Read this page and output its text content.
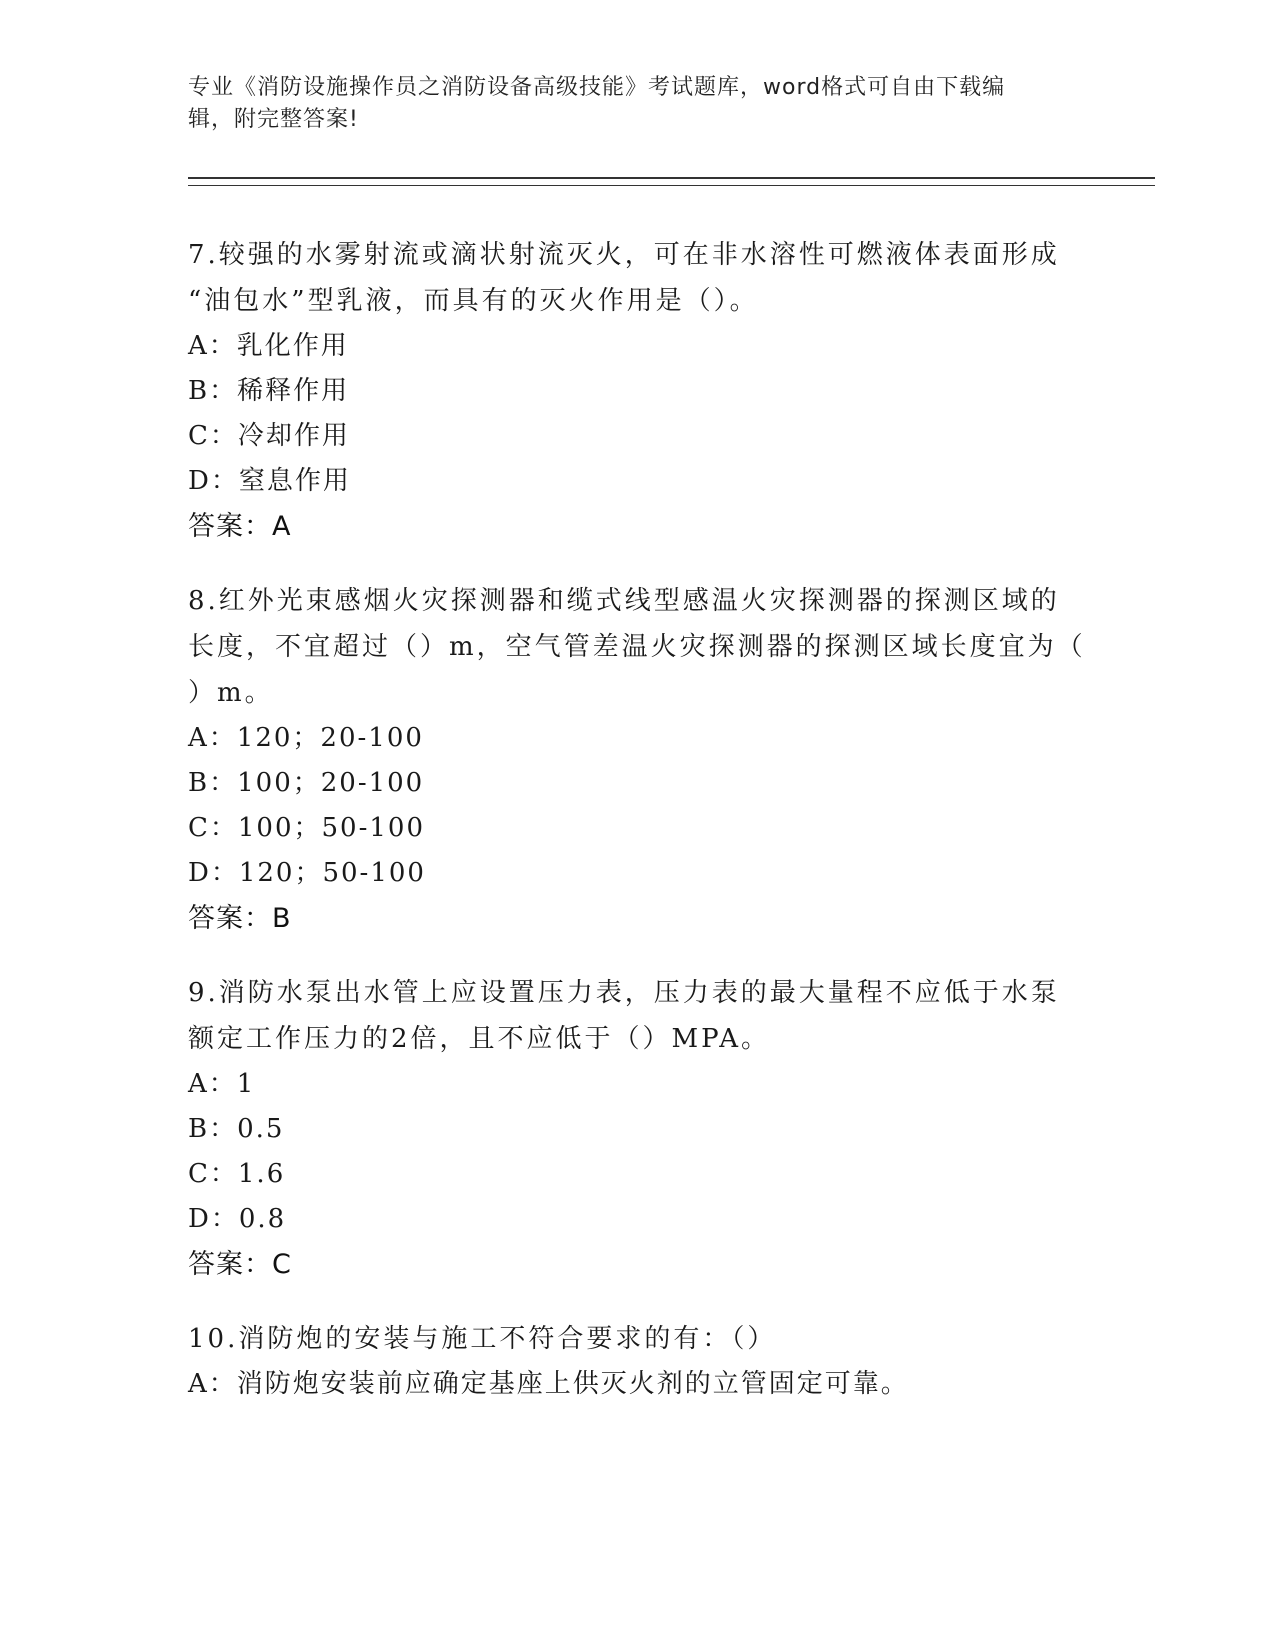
专业《消防设施操作员之消防设备高级技能》考试题库，word格式可自由下载编
辑，附完整答案!

7.较强的水雾射流或滴状射流灭火，可在非水溶性可燃液体表面形成
“油包水”型乳液，而具有的灭火作用是（）。

A：乳化作用

B：稀释作用

C：冷却作用

D：窒息作用

答案：A

8.红外光束感烟火灾探测器和缆式线型感温火灾探测器的探测区域的
长度，不宜超过（）m，空气管差温火灾探测器的探测区域长度宜为（
）m。

A：120；20-100

B：100；20-100

C：100；50-100

D：120；50-100

答案：B

9.消防水泵出水管上应设置压力表，压力表的最大量程不应低于水泵
额定工作压力的2倍，且不应低于（）MPA。

A：1

B：0.5

C：1.6

D：0.8

答案：C

10.消防炮的安装与施工不符合要求的有：（）

A：消防炮安装前应确定基座上供灭火剂的立管固定可靠。
